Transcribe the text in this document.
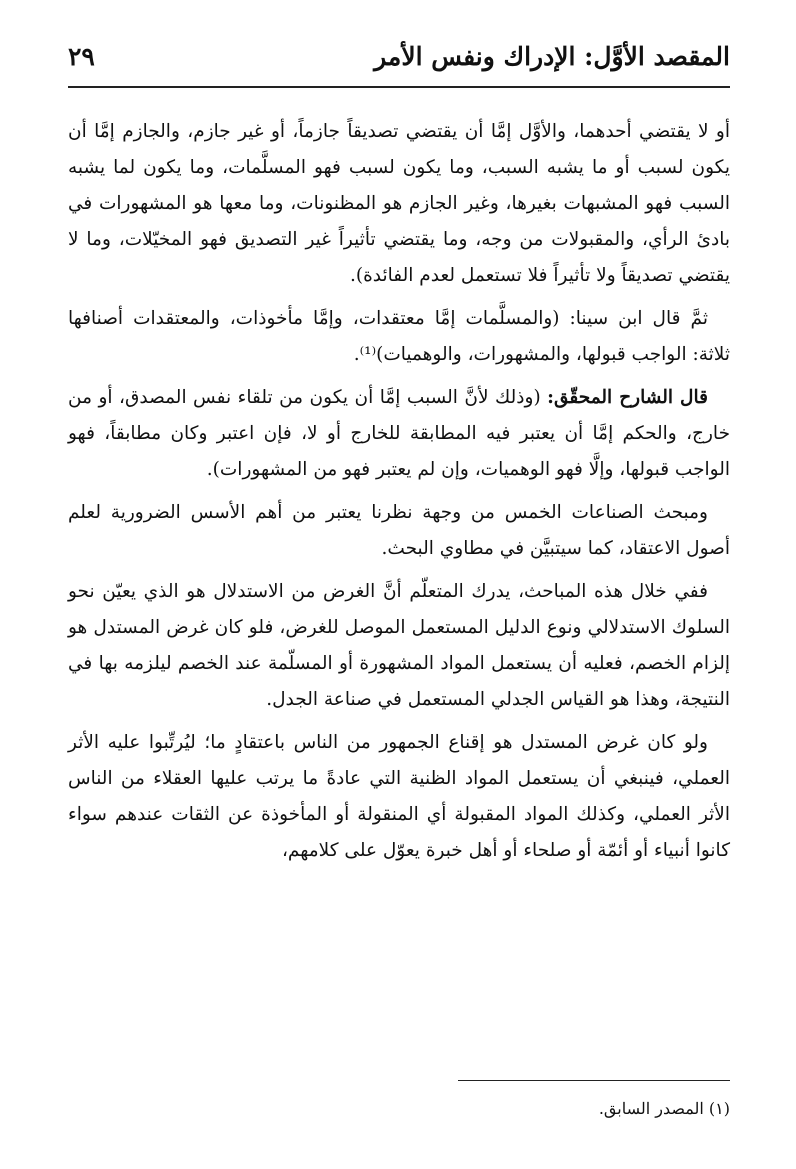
المقصد الأوَّل: الإدراك ونفس الأمر
٢٩

أو لا يقتضي أحدهما، والأوَّل إمَّا أن يقتضي تصديقاً جازماً، أو غير جازم، والجازم إمَّا أن يكون لسبب أو ما يشبه السبب، وما يكون لسبب فهو المسلَّمات، وما يكون لما يشبه السبب فهو المشبهات بغيرها، وغير الجازم هو المظنونات، وما معها هو المشهورات في بادئ الرأي، والمقبولات من وجه، وما يقتضي تأثيراً غير التصديق فهو المخيّلات، وما لا يقتضي تصديقاً ولا تأثيراً فلا تستعمل لعدم الفائدة).

ثمَّ قال ابن سينا: (والمسلَّمات إمَّا معتقدات، وإمَّا مأخوذات، والمعتقدات أصنافها ثلاثة: الواجب قبولها، والمشهورات، والوهميات)⁽¹⁾.

قال الشارح المحقّق: (وذلك لأنَّ السبب إمَّا أن يكون من تلقاء نفس المصدق، أو من خارج، والحكم إمَّا أن يعتبر فيه المطابقة للخارج أو لا، فإن اعتبر وكان مطابقاً، فهو الواجب قبولها، وإلَّا فهو الوهميات، وإن لم يعتبر فهو من المشهورات).

ومبحث الصناعات الخمس من وجهة نظرنا يعتبر من أهم الأسس الضرورية لعلم أصول الاعتقاد، كما سيتبيَّن في مطاوي البحث.

ففي خلال هذه المباحث، يدرك المتعلّم أنَّ الغرض من الاستدلال هو الذي يعيّن نحو السلوك الاستدلالي ونوع الدليل المستعمل الموصل للغرض، فلو كان غرض المستدل هو إلزام الخصم، فعليه أن يستعمل المواد المشهورة أو المسلّمة عند الخصم ليلزمه بها في النتيجة، وهذا هو القياس الجدلي المستعمل في صناعة الجدل.

ولو كان غرض المستدل هو إقناع الجمهور من الناس باعتقادٍ ما؛ ليُرتِّبوا عليه الأثر العملي، فينبغي أن يستعمل المواد الظنية التي عادةً ما يرتب عليها العقلاء من الناس الأثر العملي، وكذلك المواد المقبولة أي المنقولة أو المأخوذة عن الثقات عندهم سواء كانوا أنبياء أو أئمّة أو صلحاء أو أهل خبرة يعوّل على كلامهم،

(١) المصدر السابق.
